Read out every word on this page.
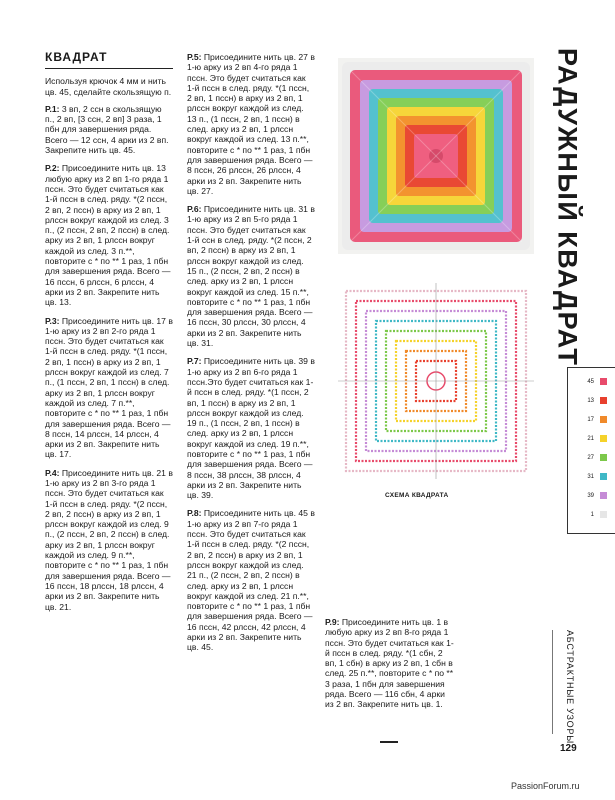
КВАДРАТ
Используя крючок 4 мм и нить цв. 45, сделайте скользящую п.
Р.1: 3 вп, 2 ссн в скользящую п., 2 вп, [3 ссн, 2 вп] 3 раза, 1 пбн для завершения ряда. Всего — 12 ссн, 4 арки из 2 вп. Закрепите нить цв. 45.
Р.2: Присоедините нить цв. 13 любую арку из 2 вп 1-го ряда 1 пссн. Это будет считаться как 1-й пссн в след. ряду. *(2 пссн, 2 вп, 2 пссн) в арку из 2 вп, 1 рлссн вокруг каждой из след. 3 п., (2 пссн, 2 вп, 2 пссн) в след. арку из 2 вп, 1 рлссн вокруг каждой из след. 3 п.**, повторите с * по ** 1 раз, 1 пбн для завершения ряда. Всего — 16 пссн, 6 рлссн, 6 рлссн, 4 арки из 2 вп. Закрепите нить цв. 13.
Р.3: Присоедините нить цв. 17 в 1-ю арку из 2 вп 2-го ряда 1 пссн. Это будет считаться как 1-й пссн в след. ряду. *(1 пссн, 2 вп, 1 пссн) в арку из 2 вп, 1 рлссн вокруг каждой из след. 7 п., (1 пссн, 2 вп, 1 пссн) в след. арку из 2 вп, 1 рлссн вокруг каждой из след. 7 п.**, повторите с * по ** 1 раз, 1 пбн для завершения ряда. Всего — 8 пссн, 14 рлссн, 14 рлссн, 4 арки из 2 вп. Закрепите нить цв. 17.
Р.4: Присоедините нить цв. 21 в 1-ю арку из 2 вп 3-го ряда 1 пссн. Это будет считаться как 1-й пссн в след. ряду. *(2 пссн, 2 вп, 2 пссн) в арку из 2 вп, 1 рлссн вокруг каждой из след. 9 п., (2 пссн, 2 вп, 2 пссн) в след. арку из 2 вп, 1 рлссн вокруг каждой из след. 9 п.**, повторите с * по ** 1 раз, 1 пбн для завершения ряда. Всего — 16 пссн, 18 рлссн, 18 рлссн, 4 арки из 2 вп. Закрепите нить цв. 21.
Р.5: Присоедините нить цв. 27 в 1-ю арку из 2 вп 4-го ряда 1 пссн. Это будет считаться как 1-й пссн в след. ряду. *(1 пссн, 2 вп, 1 пссн) в арку из 2 вп, 1 рлссн вокруг каждой из след. 13 п., (1 пссн, 2 вп, 1 пссн) в след. арку из 2 вп, 1 рлссн вокруг каждой из след. 13 п.**, повторите с * по ** 1 раз, 1 пбн для завершения ряда. Всего — 8 пссн, 26 рлссн, 26 рлссн, 4 арки из 2 вп. Закрепите нить цв. 27.
Р.6: Присоедините нить цв. 31 в 1-ю арку из 2 вп 5-го ряда 1 пссн. Это будет считаться как 1-й ссн в след. ряду. *(2 пссн, 2 вп, 2 пссн) в арку из 2 вп, 1 рлссн вокруг каждой из след. 15 п., (2 пссн, 2 вп, 2 пссн) в след. арку из 2 вп, 1 рлссн вокруг каждой из след. 15 п.**, повторите с * по ** 1 раз, 1 пбн для завершения ряда. Всего — 16 пссн, 30 рлссн, 30 рлссн, 4 арки из 2 вп. Закрепите нить цв. 31.
Р.7: Присоедините нить цв. 39 в 1-ю арку из 2 вп 6-го ряда 1 пссн.Это будет считаться как 1-й пссн в след. ряду. *(1 пссн, 2 вп, 1 пссн) в арку из 2 вп, 1 рлссн вокруг каждой из след. 19 п., (1 пссн, 2 вп, 1 пссн) в след. арку из 2 вп, 1 рлссн вокруг каждой из след. 19 п.**, повторите с * по ** 1 раз, 1 пбн для завершения ряда. Всего — 8 пссн, 38 рлссн, 38 рлссн, 4 арки из 2 вп. Закрепите нить цв. 39.
Р.8: Присоедините нить цв. 45 в 1-ю арку из 2 вп 7-го ряда 1 пссн. Это будет считаться как 1-й пссн в след. ряду. *(2 пссн, 2 вп, 2 пссн) в арку из 2 вп, 1 рлссн вокруг каждой из след. 21 п., (2 пссн, 2 вп, 2 пссн) в след. арку из 2 вп, 1 рлссн вокруг каждой из след. 21 п.**, повторите с * по ** 1 раз, 1 пбн для завершения ряда. Всего — 16 пссн, 42 рлссн, 42 рлссн, 4 арки из 2 вп. Закрепите нить цв. 45.
Р.9: Присоедините нить цв. 1 в любую арку из 2 вп 8-го ряда 1 пссн. Это будет считаться как 1-й пссн в след. ряду. *(1 сбн, 2 вп, 1 сбн) в арку из 2 вп, 1 сбн в след. 25 п.**, повторите с * по ** 3 раза, 1 пбн для завершения ряда. Всего — 116 сбн, 4 арки из 2 вп. Закрепите нить цв. 1.
СХЕМА КВАДРАТА
РАДУЖНЫЙ КВАДРАТ
45
13
17
21
27
31
39
1
АБСТРАКТНЫЕ УЗОРЫ
129
PassionForum.ru
